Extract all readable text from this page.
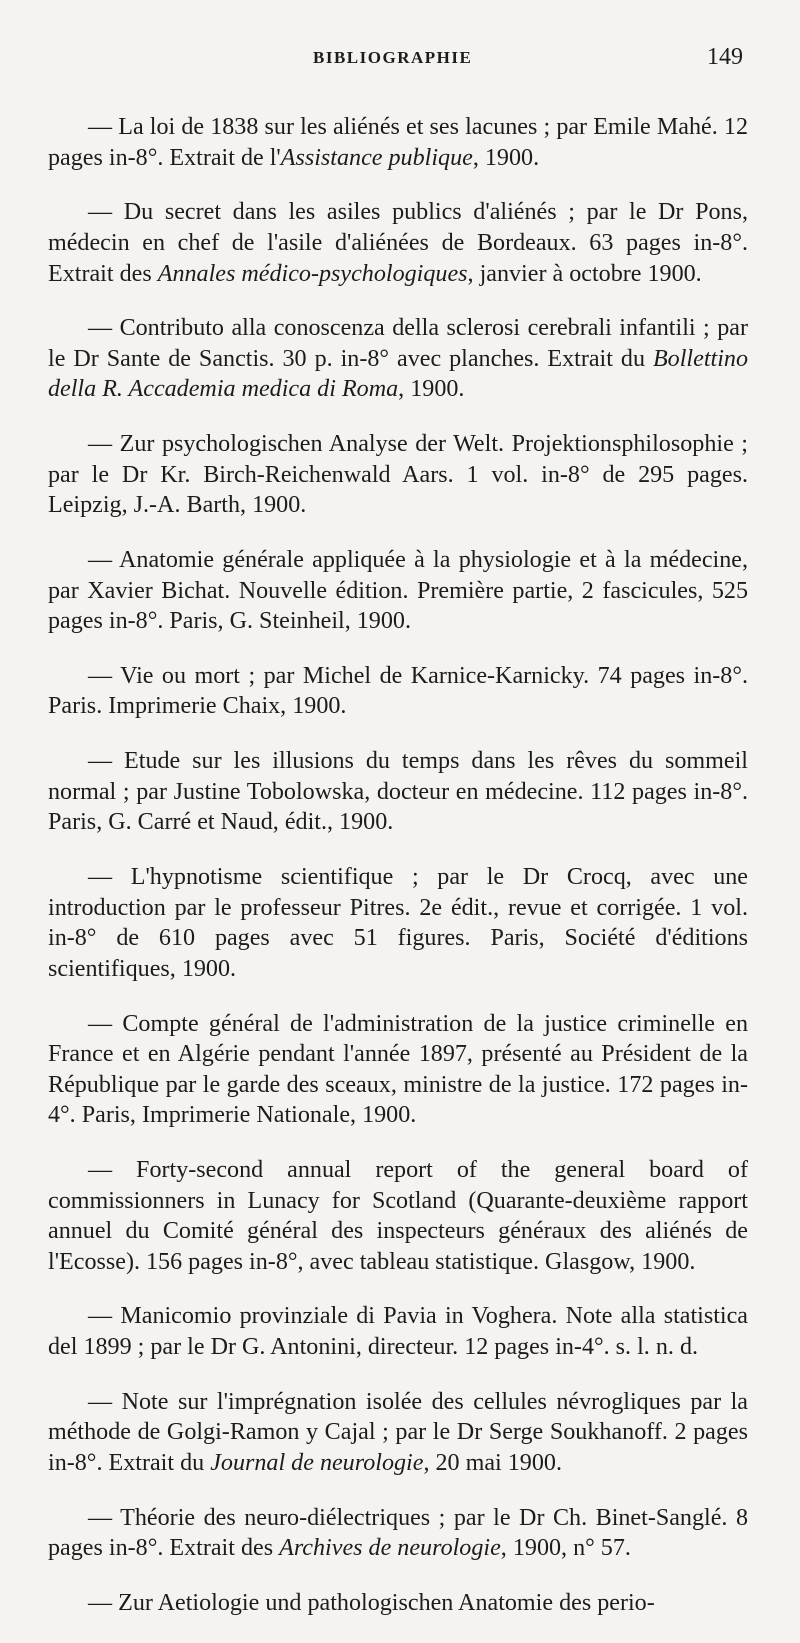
BIBLIOGRAPHIE	149

— La loi de 1838 sur les aliénés et ses lacunes ; par Emile Mahé. 12 pages in-8°. Extrait de l'Assistance publique, 1900.

— Du secret dans les asiles publics d'aliénés ; par le Dr Pons, médecin en chef de l'asile d'aliénées de Bordeaux. 63 pages in-8°. Extrait des Annales médico-psychologiques, janvier à octobre 1900.

— Contributo alla conoscenza della sclerosi cerebrali infantili ; par le Dr Sante de Sanctis. 30 p. in-8° avec planches. Extrait du Bollettino della R. Accademia medica di Roma, 1900.

— Zur psychologischen Analyse der Welt. Projektionsphilosophie ; par le Dr Kr. Birch-Reichenwald Aars. 1 vol. in-8° de 295 pages. Leipzig, J.-A. Barth, 1900.

— Anatomie générale appliquée à la physiologie et à la médecine, par Xavier Bichat. Nouvelle édition. Première partie, 2 fascicules, 525 pages in-8°. Paris, G. Steinheil, 1900.

— Vie ou mort ; par Michel de Karnice-Karnicky. 74 pages in-8°. Paris. Imprimerie Chaix, 1900.

— Etude sur les illusions du temps dans les rêves du sommeil normal ; par Justine Tobolowska, docteur en médecine. 112 pages in-8°. Paris, G. Carré et Naud, édit., 1900.

— L'hypnotisme scientifique ; par le Dr Crocq, avec une introduction par le professeur Pitres. 2e édit., revue et corrigée. 1 vol. in-8° de 610 pages avec 51 figures. Paris, Société d'éditions scientifiques, 1900.

— Compte général de l'administration de la justice criminelle en France et en Algérie pendant l'année 1897, présenté au Président de la République par le garde des sceaux, ministre de la justice. 172 pages in-4°. Paris, Imprimerie Nationale, 1900.

— Forty-second annual report of the general board of commissionners in Lunacy for Scotland (Quarante-deuxième rapport annuel du Comité général des inspecteurs généraux des aliénés de l'Ecosse). 156 pages in-8°, avec tableau statistique. Glasgow, 1900.

— Manicomio provinziale di Pavia in Voghera. Note alla statistica del 1899 ; par le Dr G. Antonini, directeur. 12 pages in-4°. s. l. n. d.

— Note sur l'imprégnation isolée des cellules névrogliques par la méthode de Golgi-Ramon y Cajal ; par le Dr Serge Soukhanoff. 2 pages in-8°. Extrait du Journal de neurologie, 20 mai 1900.

— Théorie des neuro-diélectriques ; par le Dr Ch. Binet-Sanglé. 8 pages in-8°. Extrait des Archives de neurologie, 1900, n° 57.

— Zur Aetiologie und pathologischen Anatomie des perio-
